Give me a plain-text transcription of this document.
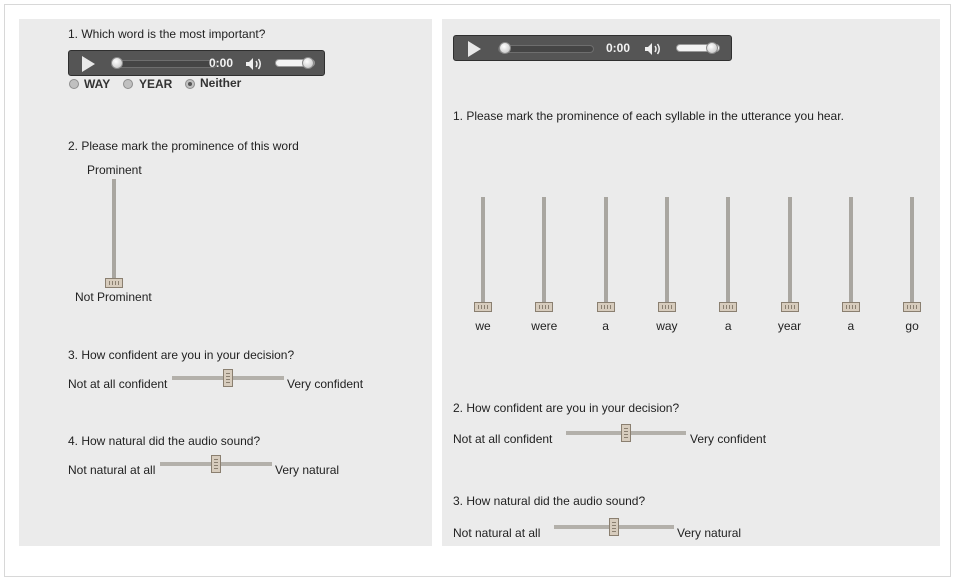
1. Which word is the most important?
0:00
WAY YEAR Neither
2. Please mark the prominence of this word
Prominent
Not Prominent
3. How confident are you in your decision?
Not at all confident	Very confident
4. How natural did the audio sound?
Not natural at all	Very natural
0:00
1. Please mark the prominence of each syllable in the utterance you hear.
we	were	a	way	a	year	a	go
2. How confident are you in your decision?
Not at all confident	Very confident
3. How natural did the audio sound?
Not natural at all	Very natural
